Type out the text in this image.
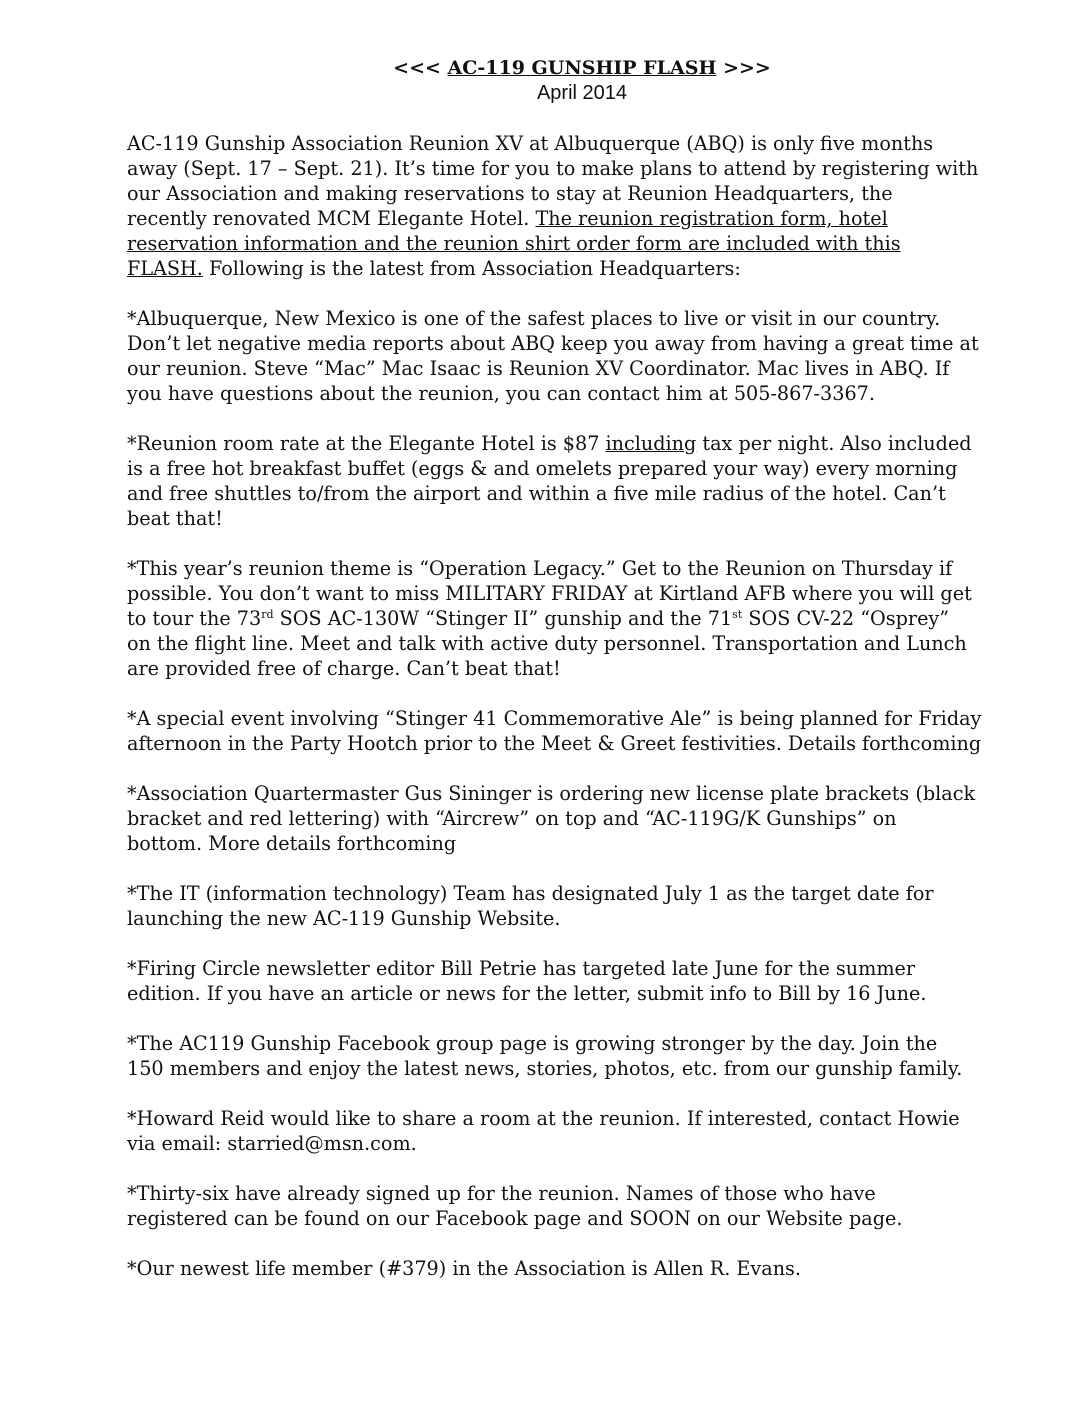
<<< AC-119 GUNSHIP FLASH >>>
April 2014
AC-119 Gunship Association Reunion XV at Albuquerque (ABQ) is only five months
away (Sept. 17 – Sept. 21). It’s time for you to make plans to attend by registering with
our Association and making reservations to stay at Reunion Headquarters, the
recently renovated MCM Elegante Hotel. The reunion registration form, hotel
reservation information and the reunion shirt order form are included with this
FLASH. Following is the latest from Association Headquarters:
*Albuquerque, New Mexico is one of the safest places to live or visit in our country.
Don’t let negative media reports about ABQ keep you away from having a great time at
our reunion. Steve “Mac” Mac Isaac is Reunion XV Coordinator. Mac lives in ABQ. If
you have questions about the reunion, you can contact him at 505-867-3367.
*Reunion room rate at the Elegante Hotel is $87 including tax per night. Also included
is a free hot breakfast buffet (eggs & and omelets prepared your way) every morning
and free shuttles to/from the airport and within a five mile radius of the hotel. Can’t
beat that!
*This year’s reunion theme is “Operation Legacy.” Get to the Reunion on Thursday if
possible. You don’t want to miss MILITARY FRIDAY at Kirtland AFB where you will get
to tour the 73rd SOS AC-130W “Stinger II” gunship and the 71st SOS CV-22 “Osprey”
on the flight line. Meet and talk with active duty personnel. Transportation and Lunch
are provided free of charge. Can’t beat that!
*A special event involving “Stinger 41 Commemorative Ale” is being planned for Friday
afternoon in the Party Hootch prior to the Meet & Greet festivities. Details forthcoming
*Association Quartermaster Gus Sininger is ordering new license plate brackets (black
bracket and red lettering) with “Aircrew” on top and “AC-119G/K Gunships” on
bottom. More details forthcoming
*The IT (information technology) Team has designated July 1 as the target date for
launching the new AC-119 Gunship Website.
*Firing Circle newsletter editor Bill Petrie has targeted late June for the summer
edition. If you have an article or news for the letter, submit info to Bill by 16 June.
*The AC119 Gunship Facebook group page is growing stronger by the day. Join the
150 members and enjoy the latest news, stories, photos, etc. from our gunship family.
*Howard Reid would like to share a room at the reunion. If interested, contact Howie
via email: starried@msn.com.
*Thirty-six have already signed up for the reunion. Names of those who have
registered can be found on our Facebook page and SOON on our Website page.
*Our newest life member (#379) in the Association is Allen R. Evans.
